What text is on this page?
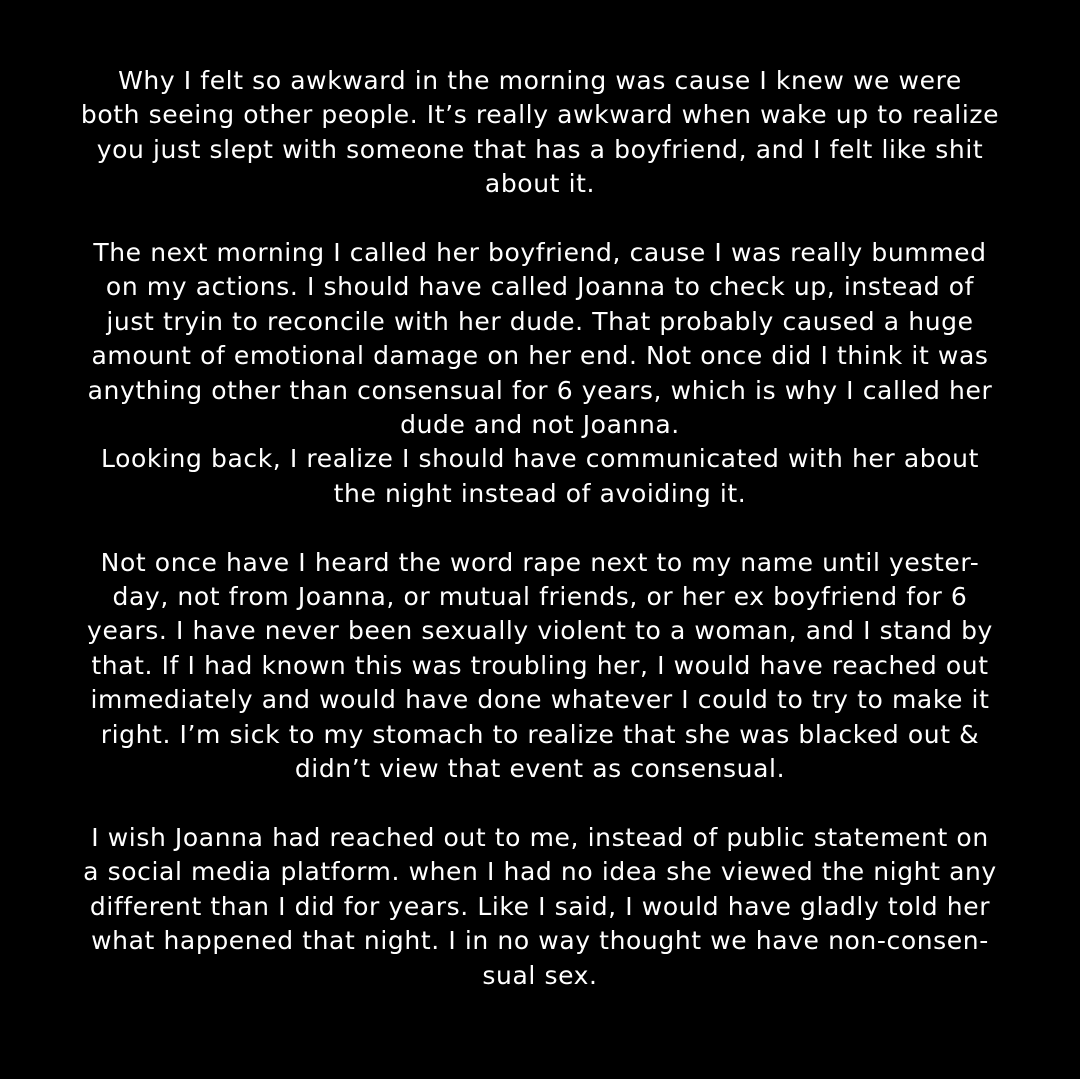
Why I felt so awkward in the morning was cause I knew we were
both seeing other people. It’s really awkward when wake up to realize
you just slept with someone that has a boyfriend, and I felt like shit
about it.

The next morning I called her boyfriend, cause I was really bummed
on my actions. I should have called Joanna to check up, instead of
just tryin to reconcile with her dude. That probably caused a huge
amount of emotional damage on her end. Not once did I think it was
anything other than consensual for 6 years, which is why I called her
dude and not Joanna.
Looking back, I realize I should have communicated with her about
the night instead of avoiding it.

Not once have I heard the word rape next to my name until yester-
day, not from Joanna, or mutual friends, or her ex boyfriend for 6
years. I have never been sexually violent to a woman, and I stand by
that. If I had known this was troubling her, I would have reached out
immediately and would have done whatever I could to try to make it
right. I’m sick to my stomach to realize that she was blacked out &
didn’t view that event as consensual.

I wish Joanna had reached out to me, instead of public statement on
a social media platform. when I had no idea she viewed the night any
different than I did for years. Like I said, I would have gladly told her
what happened that night. I in no way thought we have non-consen-
sual sex.
